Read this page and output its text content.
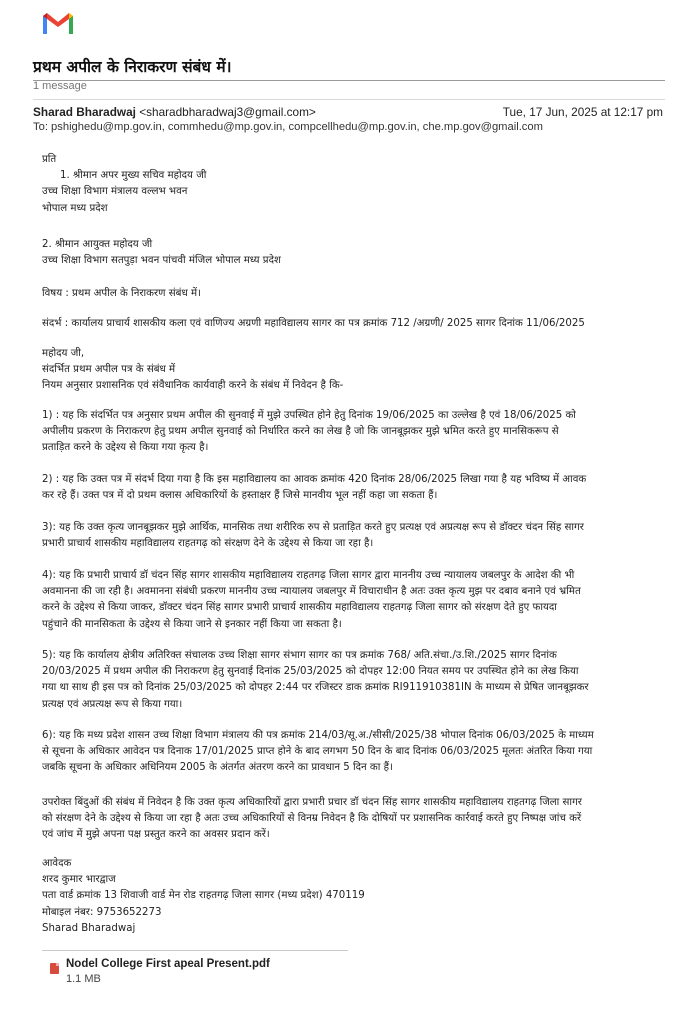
प्रथम अपील के निराकरण संबंध में।
1 message
Sharad Bharadwaj <sharadbharadwaj3@gmail.com>	Tue, 17 Jun, 2025 at 12:17 pm
To: pshighedu@mp.gov.in, commhedu@mp.gov.in, compcellhedu@mp.gov.in, che.mp.gov@gmail.com
प्रति
1. श्रीमान अपर मुख्य सचिव महोदय जी
उच्च शिक्षा विभाग मंत्रालय वल्लभ भवन
भोपाल मध्य प्रदेश
2. श्रीमान आयुक्त महोदय जी
उच्च शिक्षा विभाग सतपुड़ा भवन पांचवी मंजिल भोपाल मध्य प्रदेश
विषय : प्रथम अपील के निराकरण संबंध में।
संदर्भ : कार्यालय प्राचार्य शासकीय कला एवं वाणिज्य अग्रणी महाविद्यालय सागर का पत्र क्रमांक 712 /अग्रणी/ 2025 सागर दिनांक 11/06/2025
महोदय जी,
संदर्भित प्रथम अपील पत्र के संबंध में
नियम अनुसार प्रशासनिक एवं संवैधानिक कार्यवाही करने के संबंध में निवेदन है कि-
1) : यह कि संदर्भित पत्र अनुसार प्रथम अपील की सुनवाई में मुझे उपस्थित होने हेतु दिनांक 19/06/2025 का उल्लेख है एवं 18/06/2025 को
अपीलीय प्रकरण के निराकरण हेतु प्रथम अपील सुनवाई को निर्धारित करने का लेख है जो कि जानबूझकर मुझे भ्रमित करते हुए मानसिकरूप से
प्रताड़ित करने के उद्देश्य से किया गया कृत्य है।
2) : यह कि उक्त पत्र में संदर्भ दिया गया है कि इस महाविद्यालय का आवक क्रमांक 420 दिनांक 28/06/2025 लिखा गया है यह भविष्य में आवक
कर रहे हैं। उक्त पत्र में दो प्रथम क्लास अधिकारियों के हस्ताक्षर हैं जिसे मानवीय भूल नहीं कहा जा सकता हैं।
3): यह कि उक्त कृत्य जानबूझकर मुझे आर्थिक, मानसिक तथा शरीरिक रुप से प्रताड़ित करते हुए प्रत्यक्ष एवं अप्रत्यक्ष रूप से डॉक्टर चंदन सिंह सागर
प्रभारी प्राचार्य शासकीय महाविद्यालय राहतगढ़ को संरक्षण देने के उद्देश्य से किया जा रहा है।
4): यह कि प्रभारी प्राचार्य डॉ चंदन सिंह सागर शासकीय महाविद्यालय राहतगढ़ जिला सागर द्वारा माननीय उच्च न्यायालय जबलपुर के आदेश की भी
अवमानना की जा रही है। अवमानना संबंधी प्रकरण माननीय उच्च न्यायालय जबलपुर में विचाराधीन है अतः उक्त कृत्य मुझ पर दबाव बनाने एवं भ्रमित
करने के उद्देश्य से किया जाकर, डॉक्टर चंदन सिंह सागर प्रभारी प्राचार्य शासकीय महाविद्यालय राहतगढ़ जिला सागर को संरक्षण देते हुए फायदा
पहुंचाने की मानसिकता के उद्देश्य से किया जाने से इनकार नहीं किया जा सकता है।
5): यह कि कार्यालय क्षेत्रीय अतिरिक्त संचालक उच्च शिक्षा सागर संभाग सागर का पत्र क्रमांक 768/ अति.संचा./उ.शि./2025 सागर दिनांक
20/03/2025 में प्रथम अपील की निराकरण हेतु सुनवाई दिनांक 25/03/2025 को दोपहर 12:00 नियत समय पर उपस्थित होने का लेख किया
गया था साथ ही इस पत्र को दिनांक 25/03/2025 को दोपहर 2:44 पर रजिस्टर डाक क्रमांक RI911910381IN के माध्यम से प्रेषित जानबूझकर
प्रत्यक्ष एवं अप्रत्यक्ष रूप से किया गया।
6): यह कि मध्य प्रदेश शासन उच्च शिक्षा विभाग मंत्रालय की पत्र क्रमांक 214/03/सू.अ./सीसी/2025/38 भोपाल दिनांक 06/03/2025 के माध्यम
से सूचना के अधिकार आवेदन पत्र दिनाक 17/01/2025 प्राप्त होने के बाद लगभग 50 दिन के बाद दिनांक 06/03/2025 मूलतः अंतरित किया गया
जबकि सूचना के अधिकार अधिनियम 2005 के अंतर्गत अंतरण करने का प्रावधान 5 दिन का हैं।
उपरोक्त बिंदुओं की संबंध में निवेदन है कि उक्त कृत्य अधिकारियों द्वारा प्रभारी प्रचार डॉ चंदन सिंह सागर शासकीय महाविद्यालय राहतगढ़ जिला सागर
को संरक्षण देने के उद्देश्य से किया जा रहा है अतः उच्च अधिकारियों से विनम्र निवेदन है कि दोषियों पर प्रशासनिक कार्रवाई करते हुए निष्पक्ष जांच करें
एवं जांच में मुझे अपना पक्ष प्रस्तुत करने का अवसर प्रदान करें।
आवेदक
शरद कुमार भारद्वाज
पता वार्ड क्रमांक 13 शिवाजी वार्ड मेन रोड राहतगढ़ जिला सागर (मध्य प्रदेश) 470119
मोबाइल नंबर: 9753652273
Sharad Bharadwaj
Nodel College First apeal Present.pdf
1.1 MB
